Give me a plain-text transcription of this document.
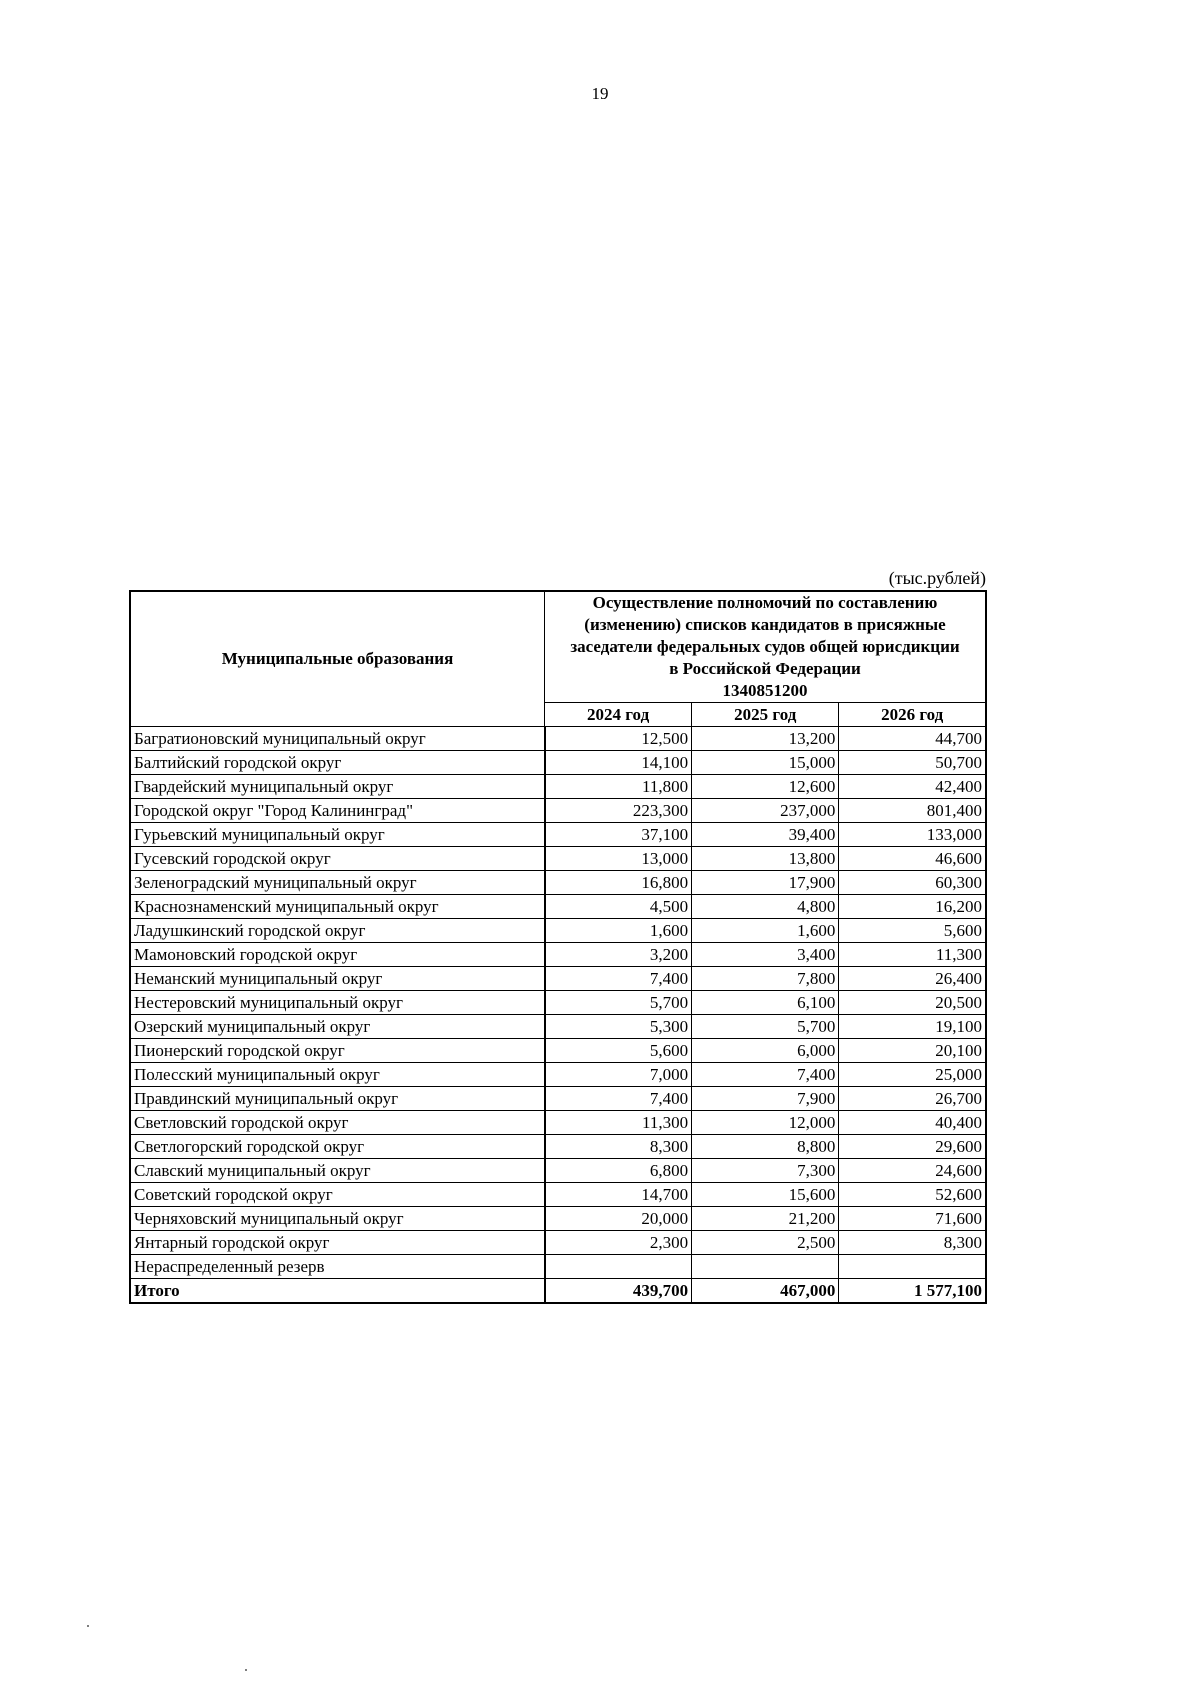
19
(тыс.рублей)
Муниципальные образования	Осуществление полномочий по составлению
(изменению) списков кандидатов в присяжные
заседатели федеральных судов общей юрисдикции
в Российской Федерации
1340851200		
	2024 год	2025 год	2026 год
Багратионовский муниципальный округ	12,500	13,200	44,700
Балтийский городской округ	14,100	15,000	50,700
Гвардейский муниципальный округ	11,800	12,600	42,400
Городской округ "Город Калининград"	223,300	237,000	801,400
Гурьевский муниципальный округ	37,100	39,400	133,000
Гусевский городской округ	13,000	13,800	46,600
Зеленоградский муниципальный округ	16,800	17,900	60,300
Краснознаменский муниципальный округ	4,500	4,800	16,200
Ладушкинский городской округ	1,600	1,600	5,600
Мамоновский городской округ	3,200	3,400	11,300
Неманский муниципальный округ	7,400	7,800	26,400
Нестеровский муниципальный округ	5,700	6,100	20,500
Озерский муниципальный округ	5,300	5,700	19,100
Пионерский городской округ	5,600	6,000	20,100
Полесский муниципальный округ	7,000	7,400	25,000
Правдинский муниципальный округ	7,400	7,900	26,700
Светловский городской округ	11,300	12,000	40,400
Светлогорский городской округ	8,300	8,800	29,600
Славский муниципальный округ	6,800	7,300	24,600
Советский городской округ	14,700	15,600	52,600
Черняховский муниципальный округ	20,000	21,200	71,600
Янтарный городской округ	2,300	2,500	8,300
Нераспределенный резерв			
Итого	439,700	467,000	1 577,100
